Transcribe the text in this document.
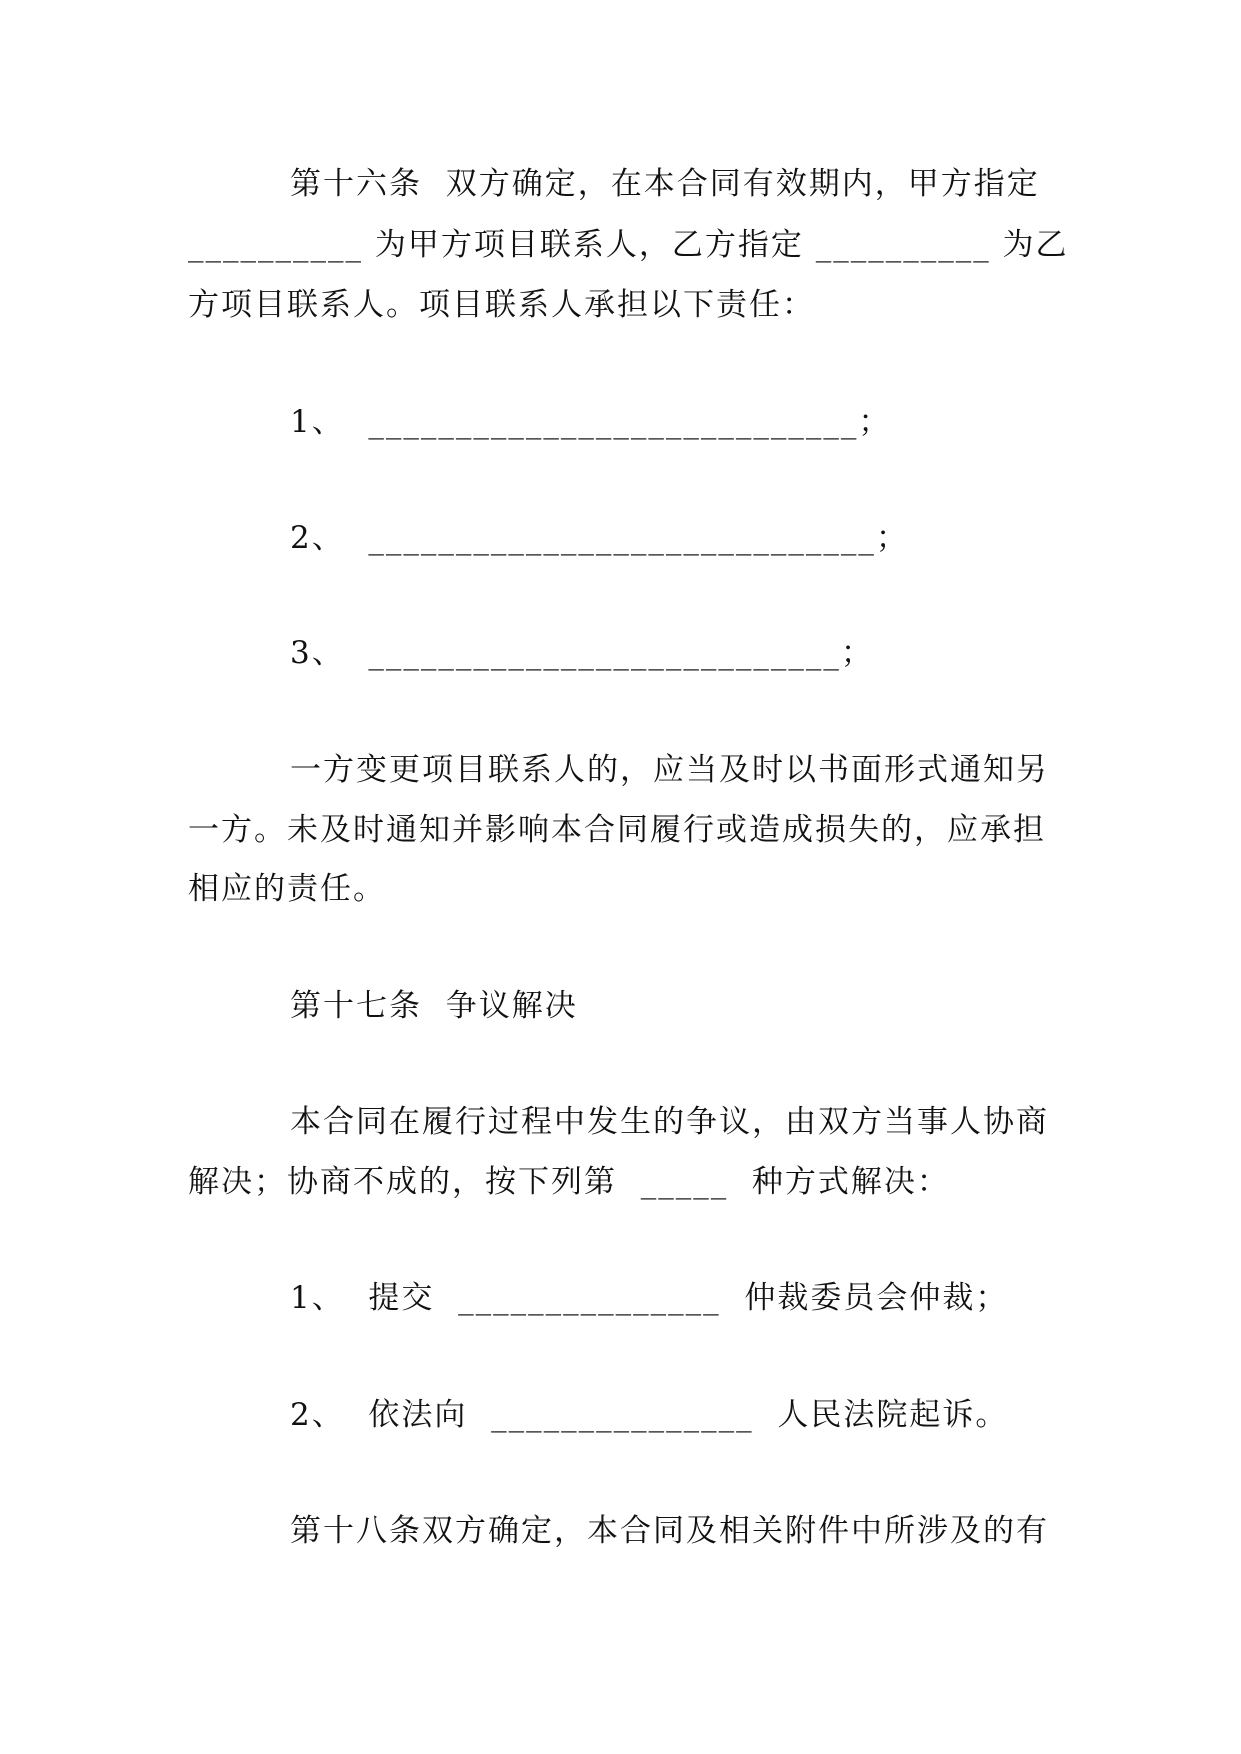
第十六条  双方确定，在本合同有效期内，甲方指定

__________ 为甲方项目联系人，乙方指定 __________ 为乙

方项目联系人。项目联系人承担以下责任：

1、  ____________________________；

2、  _____________________________；

3、  ___________________________；

一方变更项目联系人的，应当及时以书面形式通知另

一方。未及时通知并影响本合同履行或造成损失的，应承担

相应的责任。

第十七条  争议解决

本合同在履行过程中发生的争议，由双方当事人协商

解决；协商不成的，按下列第  _____  种方式解决：

1、  提交  _______________  仲裁委员会仲裁；

2、  依法向  _______________  人民法院起诉。

第十八条双方确定，本合同及相关附件中所涉及的有
